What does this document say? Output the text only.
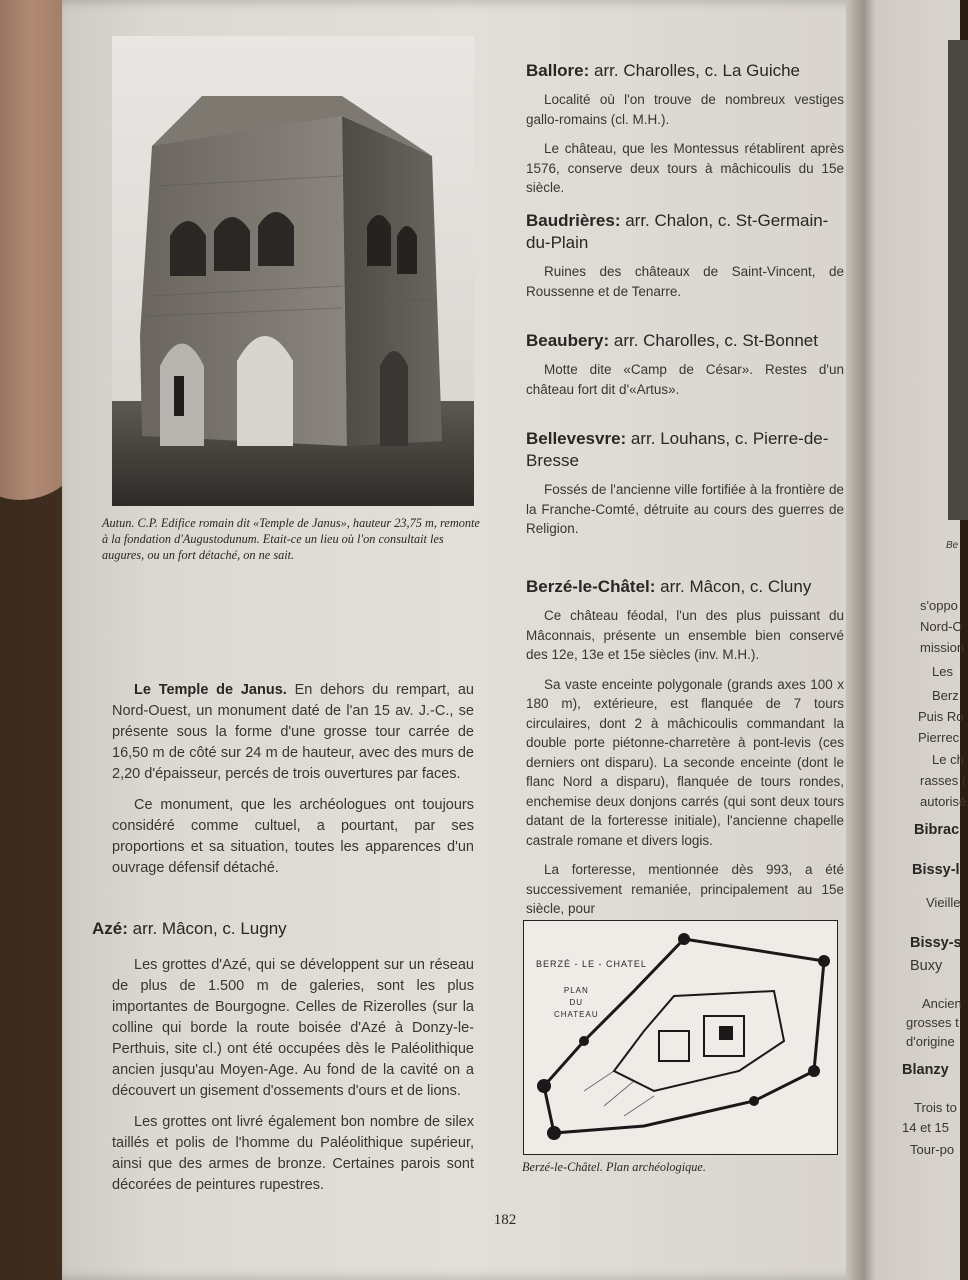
Be
s'oppo
Nord-O
mission
Les
Berz
Puis Ro
Pierrec
Le ch
rasses (
autorisé
Bibrac
Bissy-l
Vieille
Bissy-s
Buxy
Ancien
grosses t
d'origine
Blanzy
Trois to
14 et 15
Tour-po
Autun. C.P. Edifice romain dit «Temple de Janus», hauteur 23,75 m, remonte à la fondation d'Augustodunum. Etait-ce un lieu où l'on consultait les augures, ou un fort détaché, on ne sait.

Le Temple de Janus. En dehors du rempart, au Nord-Ouest, un monument daté de l'an 15 av. J.-C., se présente sous la forme d'une grosse tour carrée de 16,50 m de côté sur 24 m de hauteur, avec des murs de 2,20 d'épaisseur, percés de trois ouvertures par faces.

Ce monument, que les archéologues ont toujours considéré comme cultuel, a pourtant, par ses proportions et sa situation, toutes les apparences d'un ouvrage défensif détaché.

Azé: arr. Mâcon, c. Lugny

Les grottes d'Azé, qui se développent sur un réseau de plus de 1.500 m de galeries, sont les plus importantes de Bourgogne. Celles de Rizerolles (sur la colline qui borde la route boisée d'Azé à Donzy-le-Perthuis, site cl.) ont été occupées dès le Paléolithique ancien jusqu'au Moyen-Age. Au fond de la cavité on a découvert un gisement d'ossements d'ours et de lions.

Les grottes ont livré également bon nombre de silex taillés et polis de l'homme du Paléolithique supérieur, ainsi que des armes de bronze. Certaines parois sont décorées de peintures rupestres.

Ballore: arr. Charolles, c. La Guiche

Localité où l'on trouve de nombreux vestiges gallo-romains (cl. M.H.).

Le château, que les Montessus rétablirent après 1576, conserve deux tours à mâchicoulis du 15e siècle.

Baudrières: arr. Chalon, c. St-Germain-du-Plain

Ruines des châteaux de Saint-Vincent, de Roussenne et de Tenarre.

Beaubery: arr. Charolles, c. St-Bonnet

Motte dite «Camp de César». Restes d'un château fort dit d'«Artus».

Bellevesvre: arr. Louhans, c. Pierre-de-Bresse

Fossés de l'ancienne ville fortifiée à la frontière de la Franche-Comté, détruite au cours des guerres de Religion.

Berzé-le-Châtel: arr. Mâcon, c. Cluny

Ce château féodal, l'un des plus puissant du Mâconnais, présente un ensemble bien conservé des 12e, 13e et 15e siècles (inv. M.H.).

Sa vaste enceinte polygonale (grands axes 100 x 180 m), extérieure, est flanquée de 7 tours circulaires, dont 2 à mâchicoulis commandant la double porte piétonne-charretère à pont-levis (ces derniers ont disparu). La seconde enceinte (dont le flanc Nord a disparu), flanquée de tours rondes, enchemise deux donjons carrés (qui sont deux tours datant de la forteresse initiale), l'ancienne chapelle castrale romane et divers logis.

La forteresse, mentionnée dès 993, a été successivement remaniée, principalement au 15e siècle, pour

BERZÉ - LE - CHATEL
PLAN
DU
CHATEAU
Berzé-le-Châtel. Plan archéologique.
182
